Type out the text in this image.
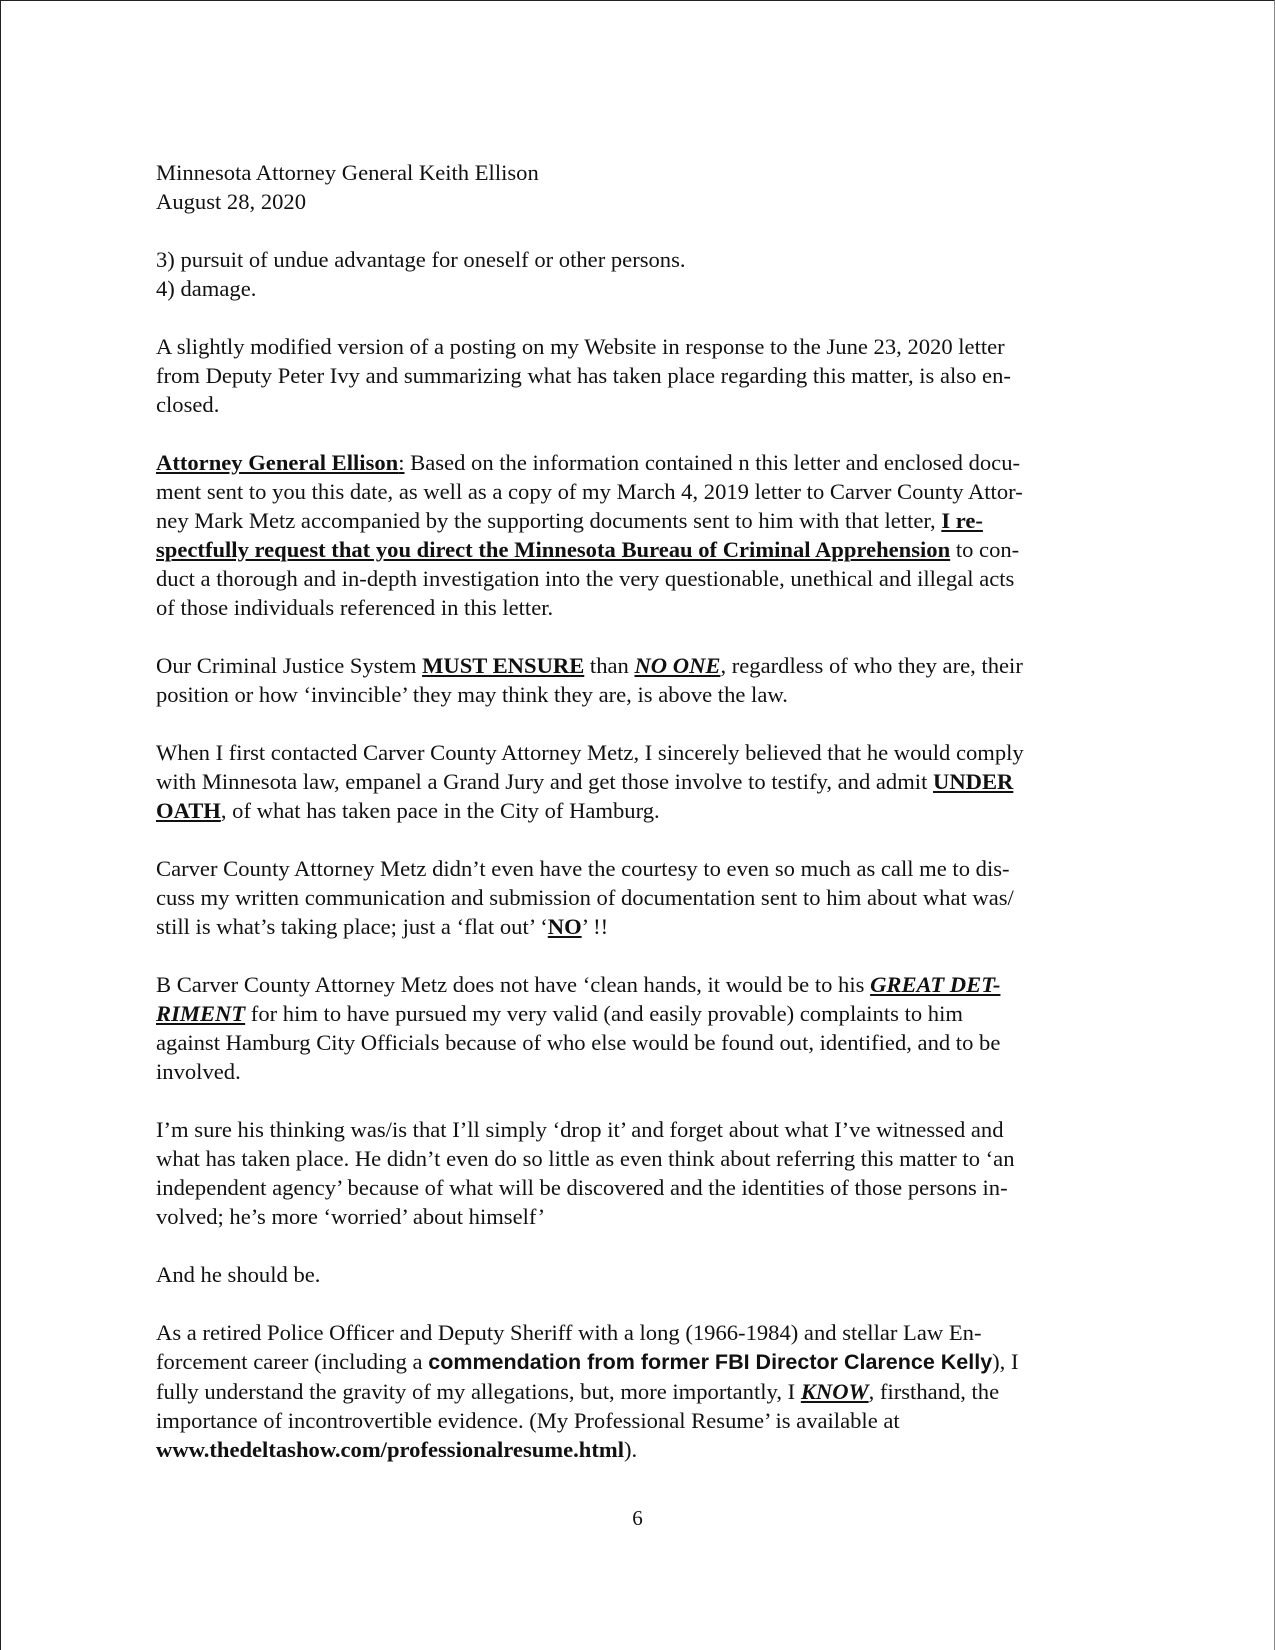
Minnesota Attorney General Keith Ellison
August 28, 2020

3) pursuit of undue advantage for oneself or other persons.
4) damage.

A slightly modified version of a posting on my Website in response to the June 23, 2020 letter
from Deputy Peter Ivy and summarizing what has taken place regarding this matter, is also en-
closed.

Attorney General Ellison: Based on the information contained n this letter and enclosed docu-
ment sent to you this date, as well as a copy of my March 4, 2019 letter to Carver County Attor-
ney Mark Metz accompanied by the supporting documents sent to him with that letter, I re-
spectfully request that you direct the Minnesota Bureau of Criminal Apprehension to con-
duct a thorough and in-depth investigation into the very questionable, unethical and illegal acts
of those individuals referenced in this letter.

Our Criminal Justice System MUST ENSURE than NO ONE, regardless of who they are, their
position or how ‘invincible’ they may think they are, is above the law.

When I first contacted Carver County Attorney Metz, I sincerely believed that he would comply
with Minnesota law, empanel a Grand Jury and get those involve to testify, and admit UNDER
OATH, of what has taken pace in the City of Hamburg.

Carver County Attorney Metz didn’t even have the courtesy to even so much as call me to dis-
cuss my written communication and submission of documentation sent to him about what was/
still is what’s taking place; just a ‘flat out’ ‘NO’ !!

B Carver County Attorney Metz does not have ‘clean hands, it would be to his GREAT DET-
RIMENT for him to have pursued my very valid (and easily provable) complaints to him
against Hamburg City Officials because of who else would be found out, identified, and to be
involved.

I’m sure his thinking was/is that I’ll simply ‘drop it’ and forget about what I’ve witnessed and
what has taken place. He didn’t even do so little as even think about referring this matter to ‘an
independent agency’ because of what will be discovered and the identities of those persons in-
volved; he’s more ‘worried’ about himself’

And he should be.

As a retired Police Officer and Deputy Sheriff with a long (1966-1984) and stellar Law En-
forcement career (including a commendation from former FBI Director Clarence Kelly), I
fully understand the gravity of my allegations, but, more importantly, I KNOW, firsthand, the
importance of incontrovertible evidence. (My Professional Resume’ is available at
www.thedeltashow.com/professionalresume.html).

6
